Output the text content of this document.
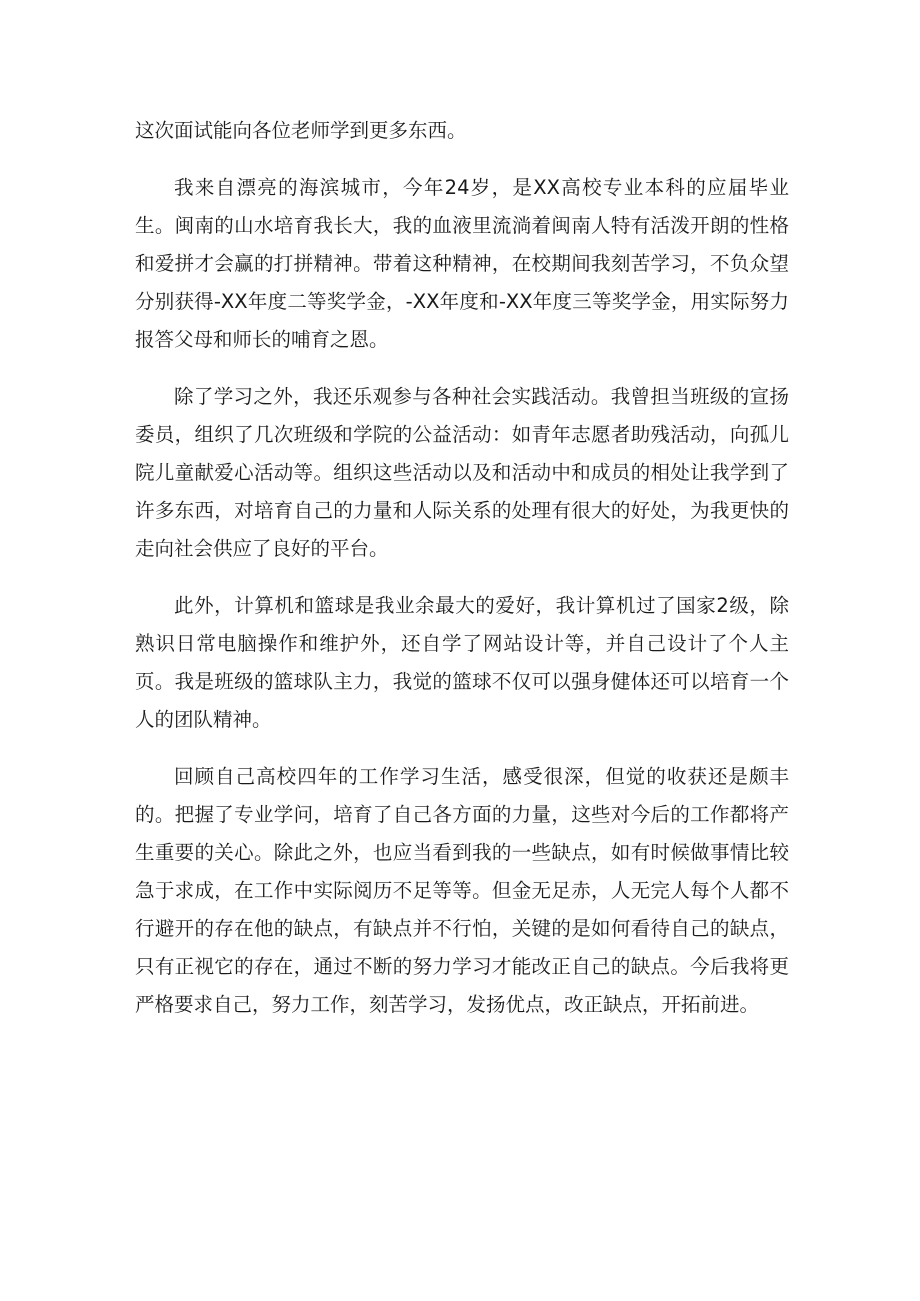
这次面试能向各位老师学到更多东西。

我来自漂亮的海滨城市，今年24岁，是XX高校专业本科的应届毕业生。闽南的山水培育我长大，我的血液里流淌着闽南人特有活泼开朗的性格和爱拼才会赢的打拼精神。带着这种精神，在校期间我刻苦学习，不负众望分别获得-XX年度二等奖学金，-XX年度和-XX年度三等奖学金，用实际努力报答父母和师长的哺育之恩。

除了学习之外，我还乐观参与各种社会实践活动。我曾担当班级的宣扬委员，组织了几次班级和学院的公益活动：如青年志愿者助残活动，向孤儿院儿童献爱心活动等。组织这些活动以及和活动中和成员的相处让我学到了许多东西，对培育自己的力量和人际关系的处理有很大的好处，为我更快的走向社会供应了良好的平台。

此外，计算机和篮球是我业余最大的爱好，我计算机过了国家2级，除熟识日常电脑操作和维护外，还自学了网站设计等，并自己设计了个人主页。我是班级的篮球队主力，我觉的篮球不仅可以强身健体还可以培育一个人的团队精神。

回顾自己高校四年的工作学习生活，感受很深，但觉的收获还是颇丰的。把握了专业学问，培育了自己各方面的力量，这些对今后的工作都将产生重要的关心。除此之外，也应当看到我的一些缺点，如有时候做事情比较急于求成，在工作中实际阅历不足等等。但金无足赤，人无完人每个人都不行避开的存在他的缺点，有缺点并不行怕，关键的是如何看待自己的缺点，只有正视它的存在，通过不断的努力学习才能改正自己的缺点。今后我将更严格要求自己，努力工作，刻苦学习，发扬优点，改正缺点，开拓前进。
